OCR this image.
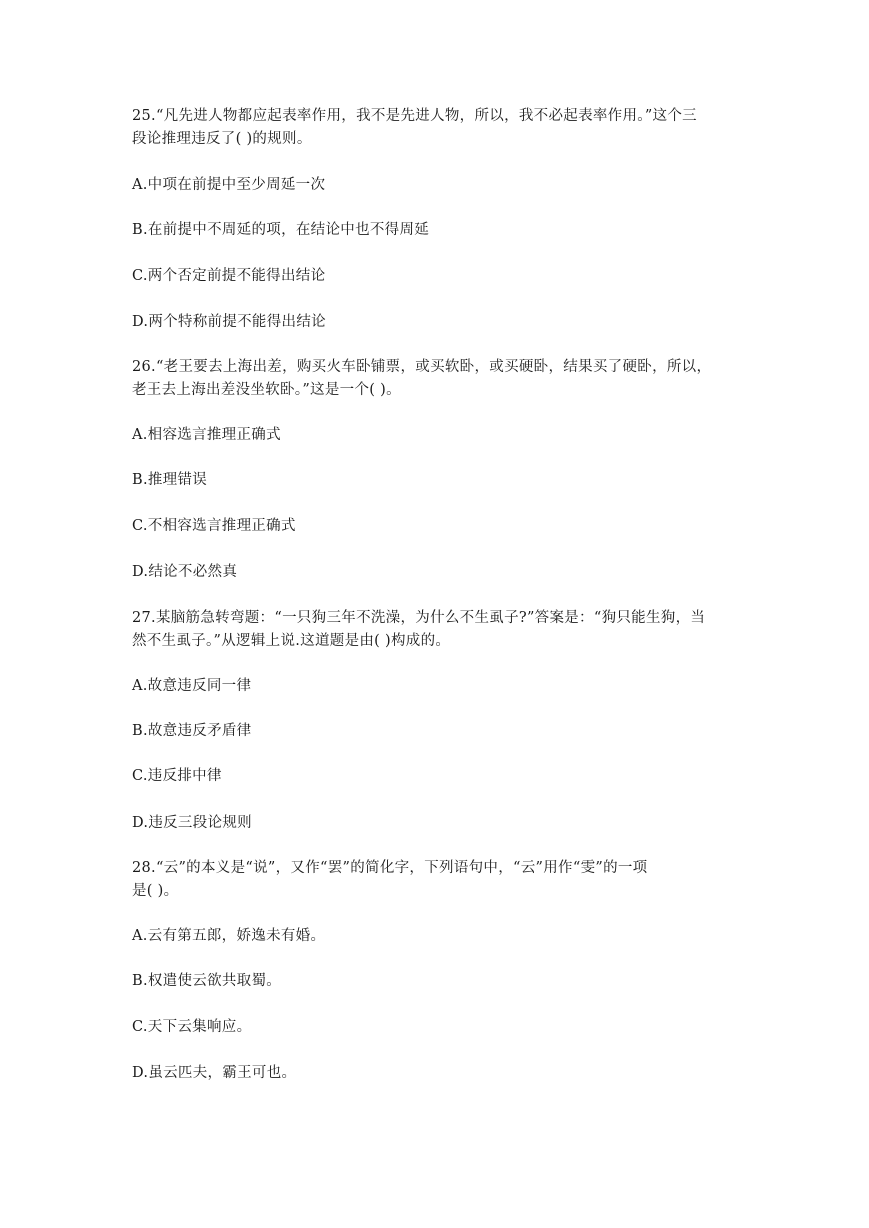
25.“凡先进人物都应起表率作用，我不是先进人物，所以，我不必起表率作用。”这个三
段论推理违反了( )的规则。
A.中项在前提中至少周延一次
B.在前提中不周延的项，在结论中也不得周延
C.两个否定前提不能得出结论
D.两个特称前提不能得出结论
26.“老王要去上海出差，购买火车卧铺票，或买软卧，或买硬卧，结果买了硬卧，所以，
老王去上海出差没坐软卧。”这是一个( )。
A.相容选言推理正确式
B.推理错误
C.不相容选言推理正确式
D.结论不必然真
27.某脑筋急转弯题：“一只狗三年不洗澡，为什么不生虱子?”答案是：“狗只能生狗，当
然不生虱子。”从逻辑上说.这道题是由( )构成的。
A.故意违反同一律
B.故意违反矛盾律
C.违反排中律
D.违反三段论规则
28.“云”的本义是“说”，又作“罢”的简化字，下列语句中，“云”用作“雯”的一项
是( )。
A.云有第五郎，娇逸未有婚。
B.权遣使云欲共取蜀。
C.天下云集响应。
D.虽云匹夫，霸王可也。
